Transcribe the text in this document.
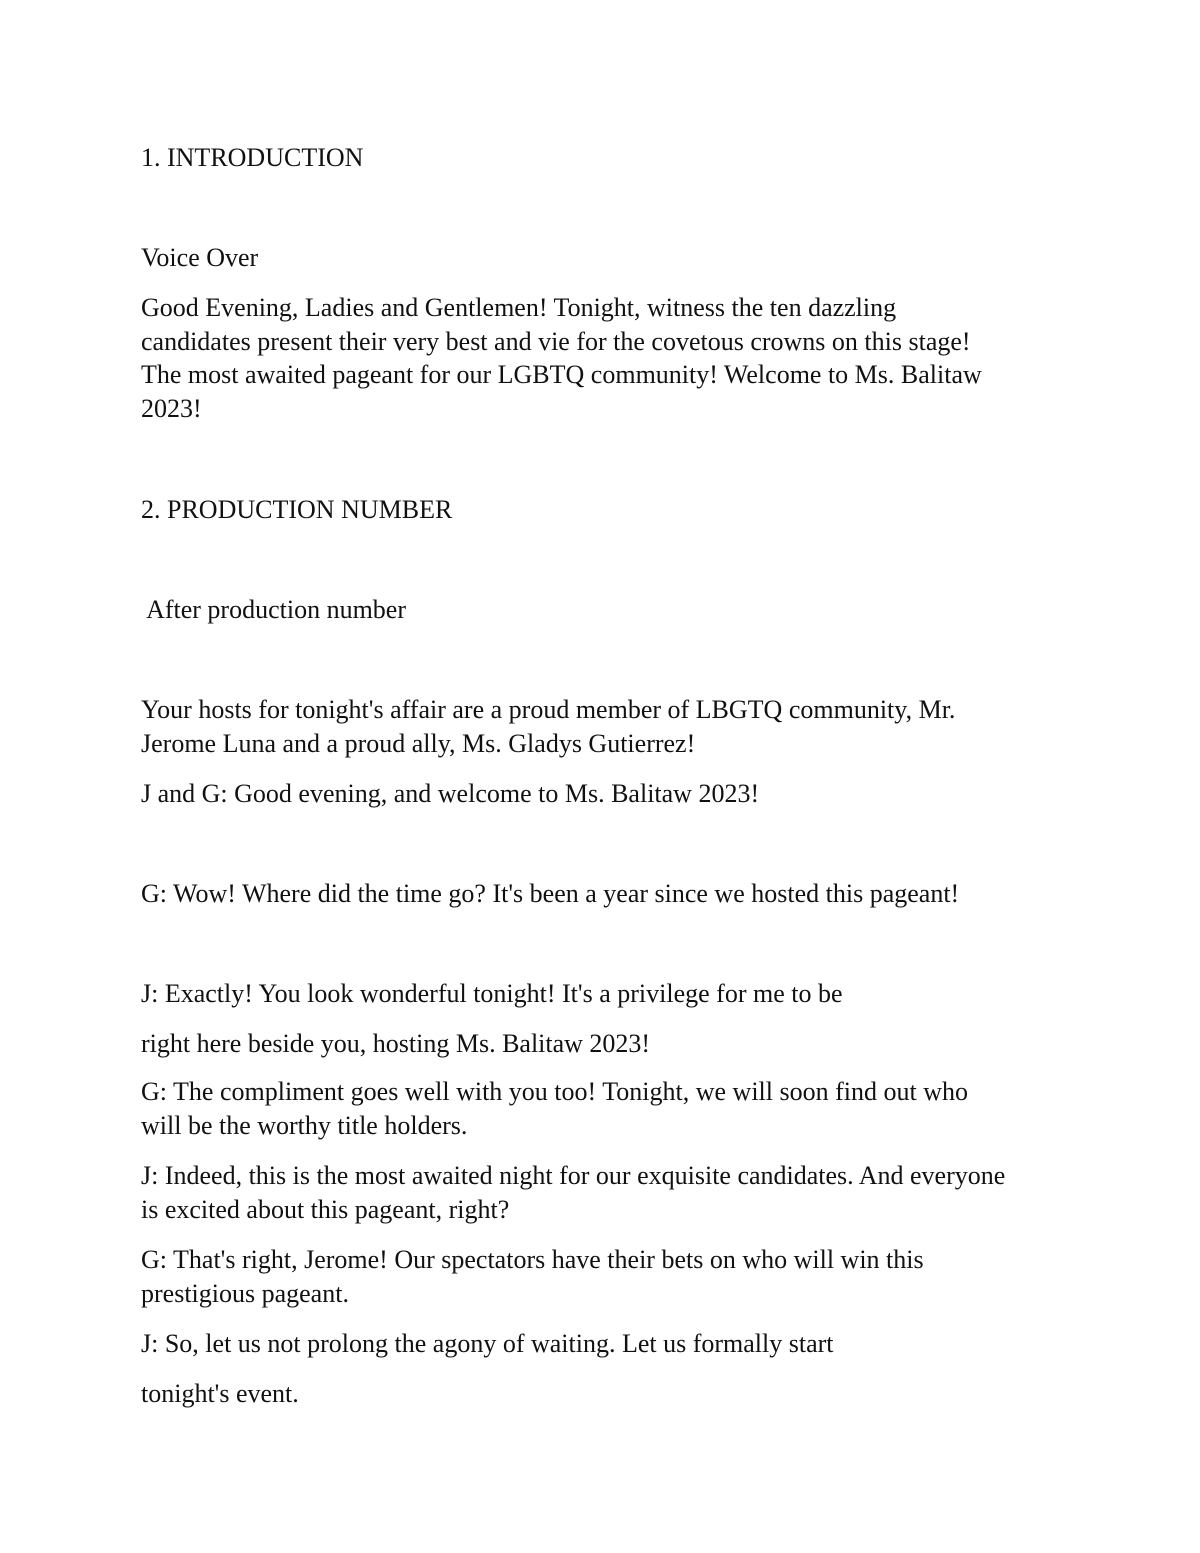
1. INTRODUCTION

Voice Over

Good Evening, Ladies and Gentlemen! Tonight, witness the ten dazzling
candidates present their very best and vie for the covetous crowns on this stage!
The most awaited pageant for our LGBTQ community! Welcome to Ms. Balitaw
2023!

2. PRODUCTION NUMBER

After production number

Your hosts for tonight's affair are a proud member of LBGTQ community, Mr.
Jerome Luna and a proud ally, Ms. Gladys Gutierrez!

J and G: Good evening, and welcome to Ms. Balitaw 2023!

G: Wow! Where did the time go? It's been a year since we hosted this pageant!

J: Exactly! You look wonderful tonight! It's a privilege for me to be

right here beside you, hosting Ms. Balitaw 2023!

G: The compliment goes well with you too! Tonight, we will soon find out who
will be the worthy title holders.
J: Indeed, this is the most awaited night for our exquisite candidates. And everyone
is excited about this pageant, right?
G: That's right, Jerome! Our spectators have their bets on who will win this
prestigious pageant.

J: So, let us not prolong the agony of waiting. Let us formally start

tonight's event.
